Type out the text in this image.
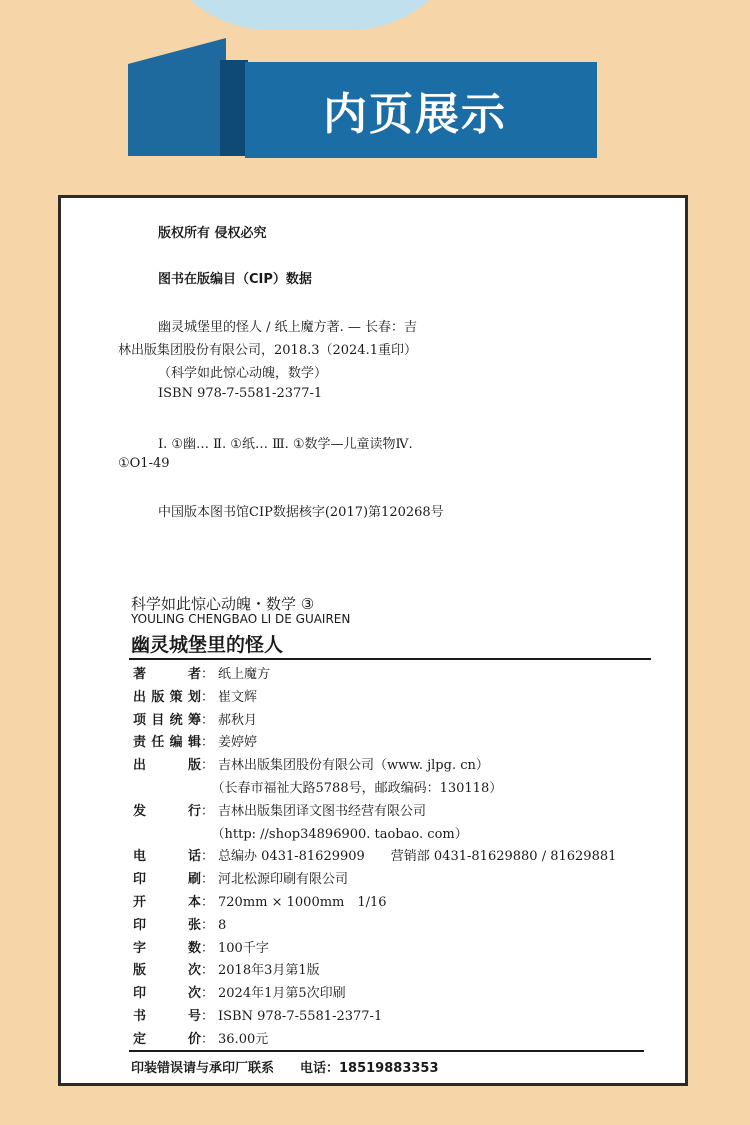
内页展示
版权所有 侵权必究
图书在版编目（CIP）数据
幽灵城堡里的怪人 / 纸上魔方著. — 长春：吉
林出版集团股份有限公司，2018.3（2024.1重印）
（科学如此惊心动魄，数学）
ISBN 978-7-5581-2377-1
Ⅰ. ①幽… Ⅱ. ①纸… Ⅲ. ①数学—儿童读物Ⅳ.
①O1-49
中国版本图书馆CIP数据核字(2017)第120268号
科学如此惊心动魄・数学 ③
YOULING CHENGBAO LI DE GUAIREN
幽灵城堡里的怪人
著　者： 纸上魔方
出版策划： 崔文辉
项目统筹： 郝秋月
责任编辑： 姜婷婷
出　版： 吉林出版集团股份有限公司（www. jlpg. cn）
　（长春市福祉大路5788号，邮政编码：130118）
发　行： 吉林出版集团译文图书经营有限公司
　（http: //shop34896900. taobao. com）
电　话： 总编办 0431-81629909　　营销部 0431-81629880 / 81629881
印　刷： 河北松源印刷有限公司
开　本： 720mm × 1000mm　1/16
印　张： 8
字　数： 100千字
版　次： 2018年3月第1版
印　次： 2024年1月第5次印刷
书　号： ISBN 978-7-5581-2377-1
定　价： 36.00元
印装错误请与承印厂联系　　电话：18519883353
